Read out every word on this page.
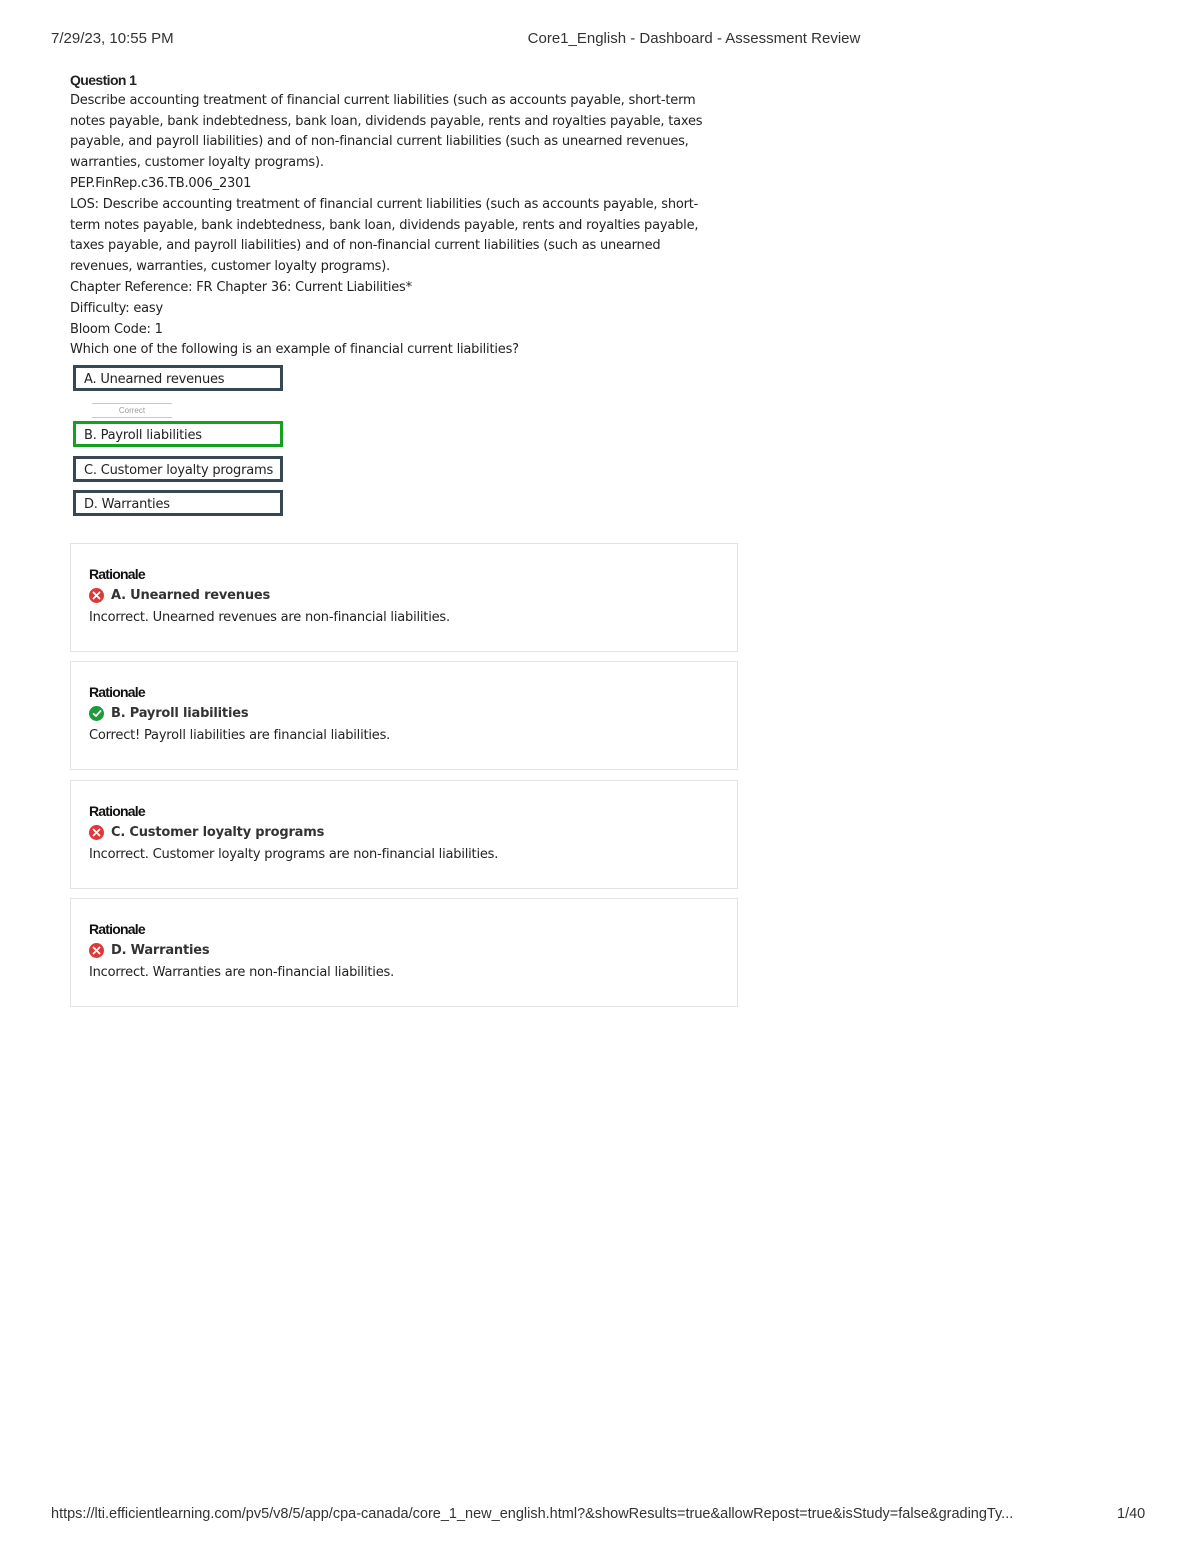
7/29/23, 10:55 PM	Core1_English - Dashboard - Assessment Review
Question 1

Describe accounting treatment of financial current liabilities (such as accounts payable, short-term

notes payable, bank indebtedness, bank loan, dividends payable, rents and royalties payable, taxes

payable, and payroll liabilities) and of non-financial current liabilities (such as unearned revenues,

warranties, customer loyalty programs).

PEP.FinRep.c36.TB.006_2301

LOS: Describe accounting treatment of financial current liabilities (such as accounts payable, short-

term notes payable, bank indebtedness, bank loan, dividends payable, rents and royalties payable,

taxes payable, and payroll liabilities) and of non-financial current liabilities (such as unearned

revenues, warranties, customer loyalty programs).

Chapter Reference: FR Chapter 36: Current Liabilities*

Difficulty: easy

Bloom Code: 1

Which one of the following is an example of financial current liabilities?

A. Unearned revenues
Correct
B. Payroll liabilities
C. Customer loyalty programs
D. Warranties
Rationale
A. Unearned revenues
Incorrect. Unearned revenues are non-financial liabilities.
Rationale
B. Payroll liabilities
Correct! Payroll liabilities are financial liabilities.
Rationale
C. Customer loyalty programs
Incorrect. Customer loyalty programs are non-financial liabilities.
Rationale
D. Warranties
Incorrect. Warranties are non-financial liabilities.
https://lti.efficientlearning.com/pv5/v8/5/app/cpa-canada/core_1_new_english.html?&showResults=true&allowRepost=true&isStudy=false&gradingTy...	1/40
